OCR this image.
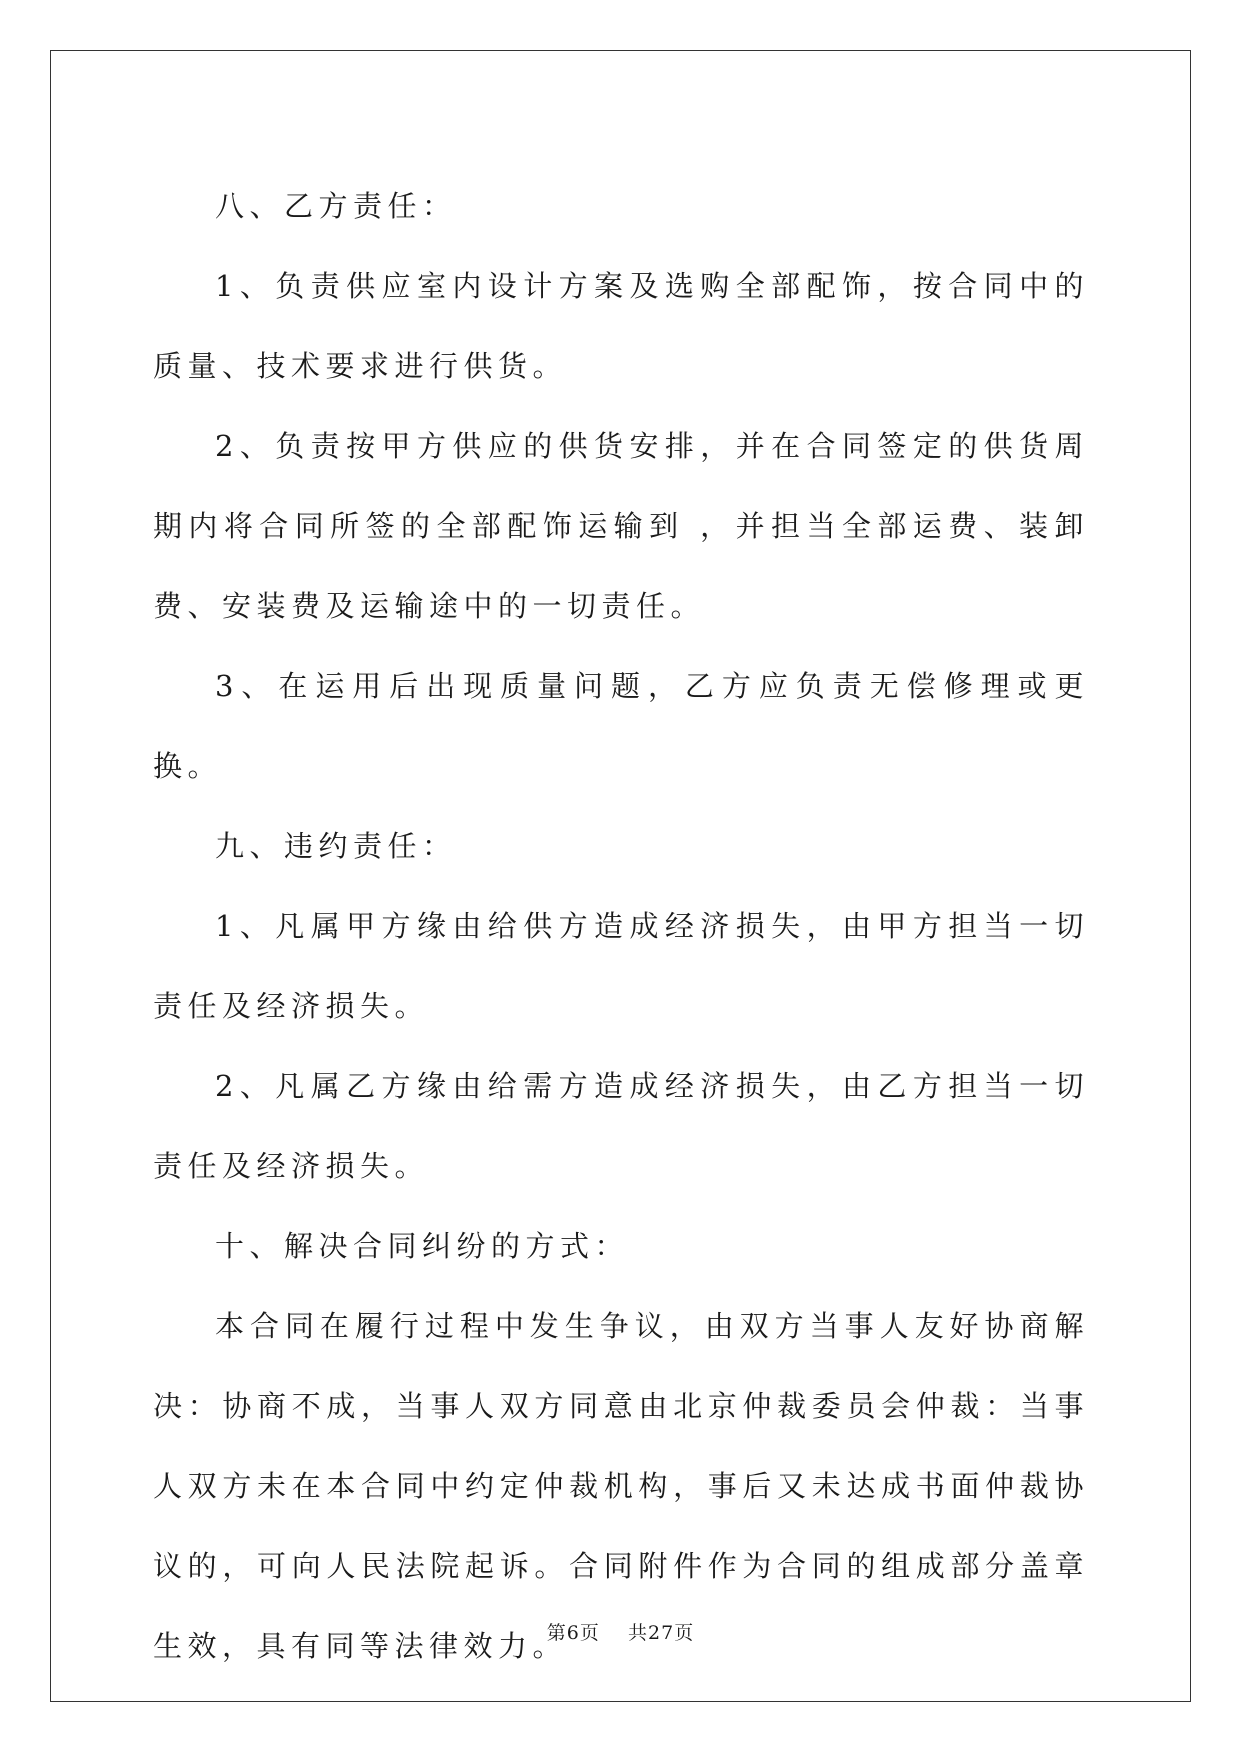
八、乙方责任：

1、负责供应室内设计方案及选购全部配饰，按合同中的质量、技术要求进行供货。

2、负责按甲方供应的供货安排，并在合同签定的供货周期内将合同所签的全部配饰运输到 ，并担当全部运费、装卸费、安装费及运输途中的一切责任。

3、在运用后出现质量问题，乙方应负责无偿修理或更换。

九、违约责任：

1、凡属甲方缘由给供方造成经济损失，由甲方担当一切责任及经济损失。

2、凡属乙方缘由给需方造成经济损失，由乙方担当一切责任及经济损失。

十、解决合同纠纷的方式：

本合同在履行过程中发生争议，由双方当事人友好协商解决：协商不成，当事人双方同意由北京仲裁委员会仲裁：当事人双方未在本合同中约定仲裁机构，事后又未达成书面仲裁协议的，可向人民法院起诉。合同附件作为合同的组成部分盖章生效，具有同等法律效力。

第6页 共27页
